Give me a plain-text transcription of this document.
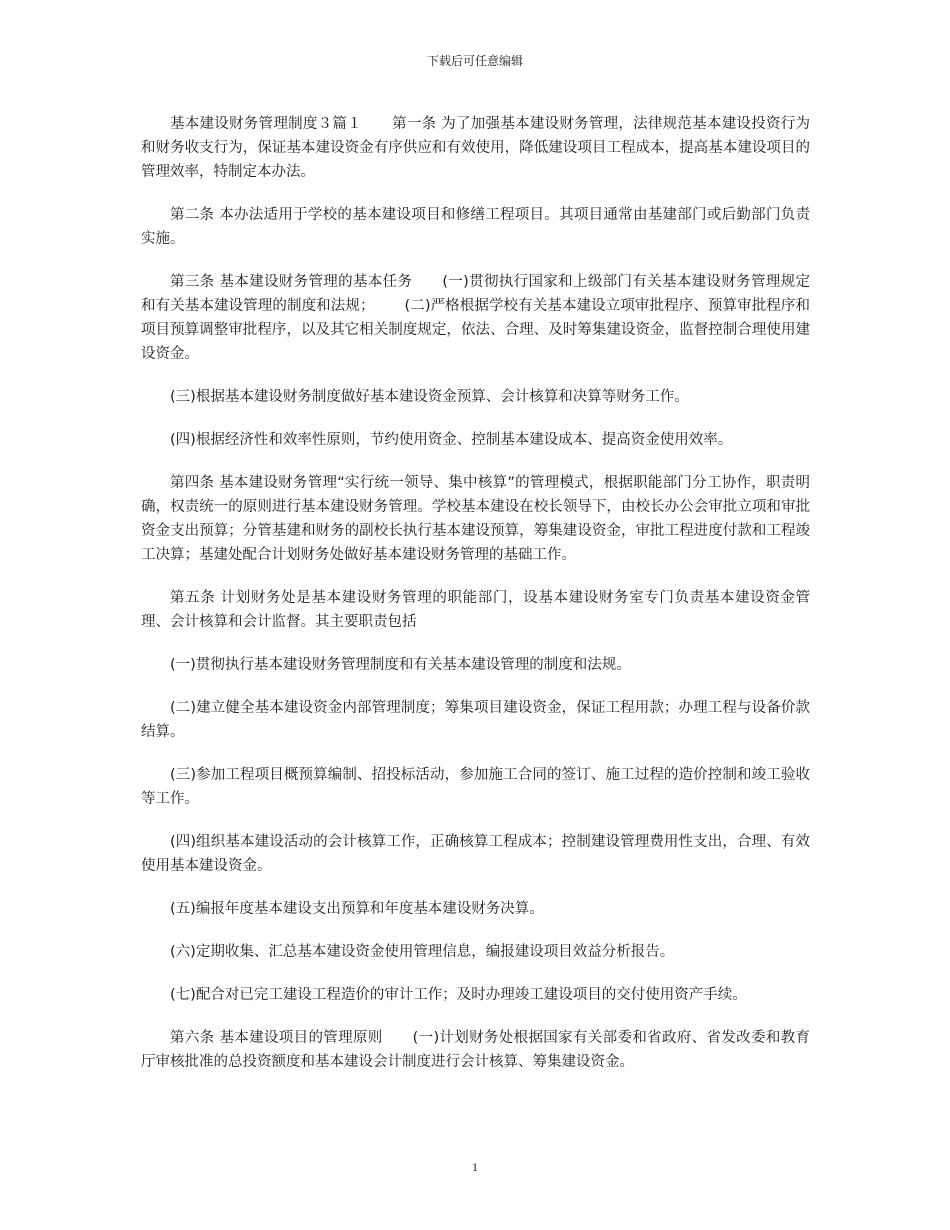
下载后可任意编辑

基本建设财务管理制度３篇１ 第一条 为了加强基本建设财务管理，法律规范基本建设投资行为和财务收支行为，保证基本建设资金有序供应和有效使用，降低建设项目工程成本，提高基本建设项目的管理效率，特制定本办法。

第二条 本办法适用于学校的基本建设项目和修缮工程项目。其项目通常由基建部门或后勤部门负责实施。

第三条 基本建设财务管理的基本任务 (一)贯彻执行国家和上级部门有关基本建设财务管理规定和有关基本建设管理的制度和法规； (二)严格根据学校有关基本建设立项审批程序、预算审批程序和项目预算调整审批程序，以及其它相关制度规定，依法、合理、及时筹集建设资金，监督控制合理使用建设资金。

(三)根据基本建设财务制度做好基本建设资金预算、会计核算和决算等财务工作。

(四)根据经济性和效率性原则，节约使用资金、控制基本建设成本、提高资金使用效率。

第四条 基本建设财务管理“实行统一领导、集中核算”的管理模式，根据职能部门分工协作，职责明确，权责统一的原则进行基本建设财务管理。学校基本建设在校长领导下，由校长办公会审批立项和审批资金支出预算；分管基建和财务的副校长执行基本建设预算，筹集建设资金，审批工程进度付款和工程竣工决算；基建处配合计划财务处做好基本建设财务管理的基础工作。

第五条 计划财务处是基本建设财务管理的职能部门，设基本建设财务室专门负责基本建设资金管理、会计核算和会计监督。其主要职责包括

(一)贯彻执行基本建设财务管理制度和有关基本建设管理的制度和法规。

(二)建立健全基本建设资金内部管理制度；筹集项目建设资金，保证工程用款；办理工程与设备价款结算。

(三)参加工程项目概预算编制、招投标活动，参加施工合同的签订、施工过程的造价控制和竣工验收等工作。

(四)组织基本建设活动的会计核算工作，正确核算工程成本；控制建设管理费用性支出，合理、有效使用基本建设资金。

(五)编报年度基本建设支出预算和年度基本建设财务决算。

(六)定期收集、汇总基本建设资金使用管理信息，编报建设项目效益分析报告。

(七)配合对已完工建设工程造价的审计工作；及时办理竣工建设项目的交付使用资产手续。

第六条 基本建设项目的管理原则 (一)计划财务处根据国家有关部委和省政府、省发改委和教育厅审核批准的总投资额度和基本建设会计制度进行会计核算、筹集建设资金。

1
